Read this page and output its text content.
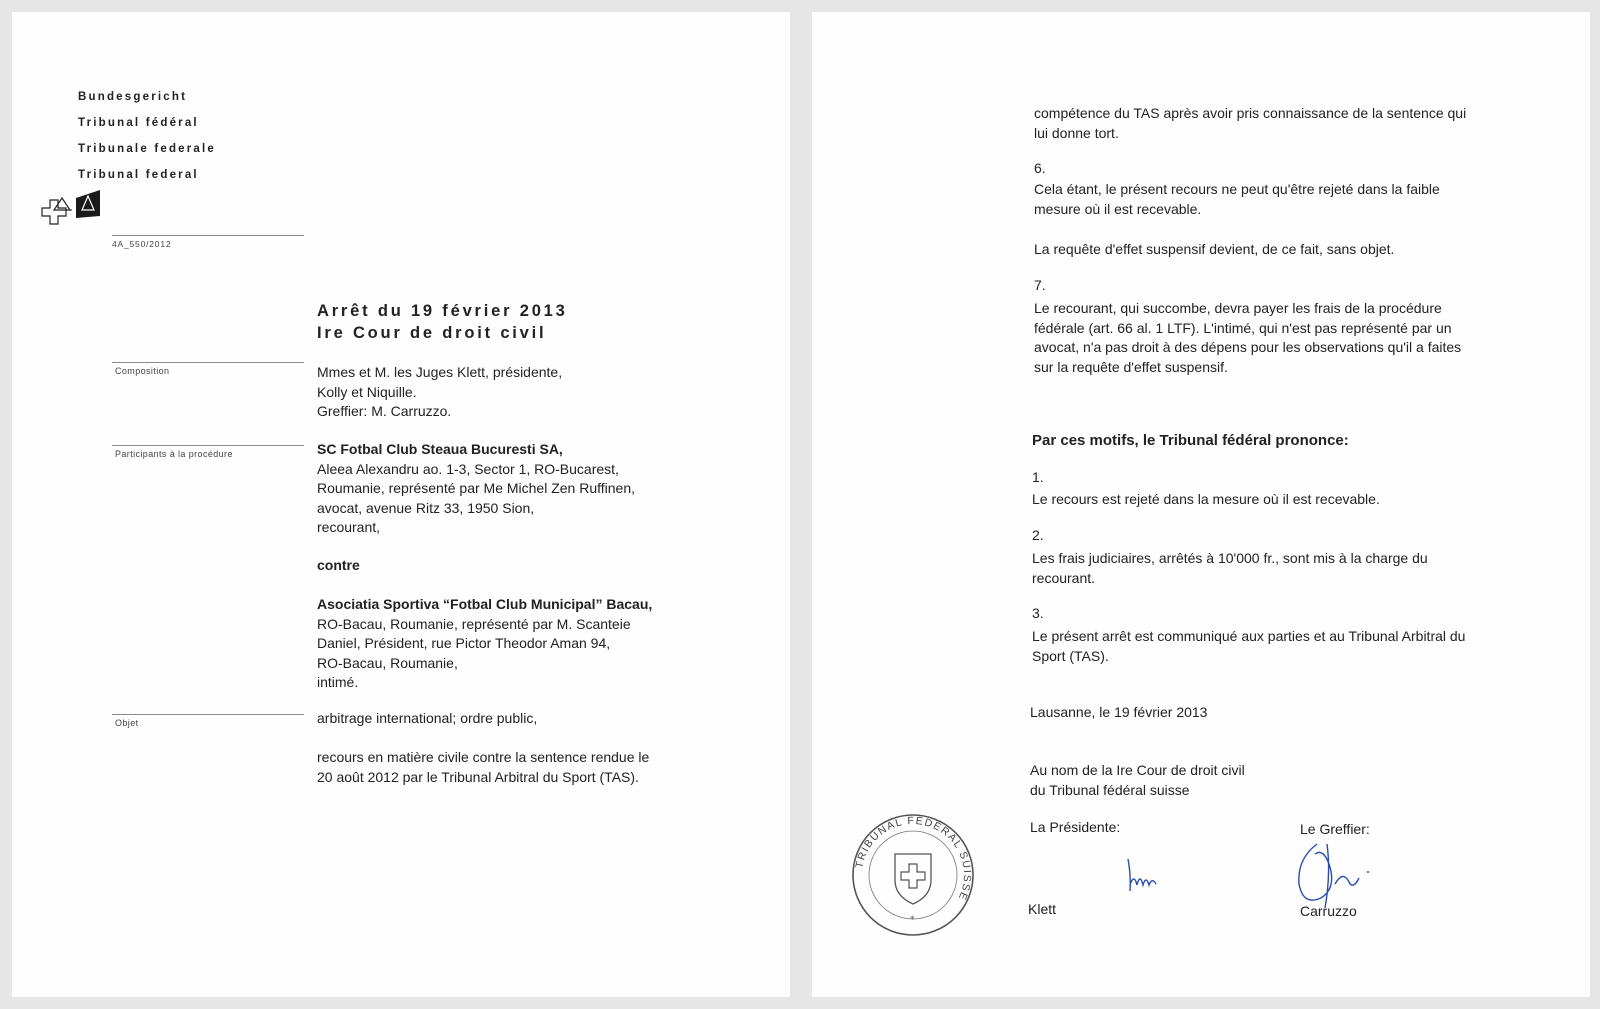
Bundesgericht
Tribunal fédéral
Tribunale federale
Tribunal federal
4A_550/2012
Arrêt du 19 février 2013
Ire Cour de droit civil
Composition	Mmes et M. les Juges Klett, présidente,
Kolly et Niquille.
Greffier: M. Carruzzo.
Participants à la procédure	SC Fotbal Club Steaua Bucuresti SA,
Aleea Alexandru ao. 1-3, Sector 1, RO-Bucarest,
Roumanie, représenté par Me Michel Zen Ruffinen,
avocat, avenue Ritz 33, 1950 Sion,
recourant,
contre
Asociatia Sportiva “Fotbal Club Municipal” Bacau,
RO-Bacau, Roumanie, représenté par M. Scanteie
Daniel, Président, rue Pictor Theodor Aman 94,
RO-Bacau, Roumanie,
intimé.
Objet	arbitrage international; ordre public,
recours en matière civile contre la sentence rendue le
20 août 2012 par le Tribunal Arbitral du Sport (TAS).
compétence du TAS après avoir pris connaissance de la sentence qui
lui donne tort.
6.
Cela étant, le présent recours ne peut qu'être rejeté dans la faible
mesure où il est recevable.
La requête d'effet suspensif devient, de ce fait, sans objet.
7.
Le recourant, qui succombe, devra payer les frais de la procédure
fédérale (art. 66 al. 1 LTF). L'intimé, qui n'est pas représenté par un
avocat, n'a pas droit à des dépens pour les observations qu'il a faites
sur la requête d'effet suspensif.
Par ces motifs, le Tribunal fédéral prononce:
1.
Le recours est rejeté dans la mesure où il est recevable.
2.
Les frais judiciaires, arrêtés à 10'000 fr., sont mis à la charge du
recourant.
3.
Le présent arrêt est communiqué aux parties et au Tribunal Arbitral du
Sport (TAS).
Lausanne, le 19 février 2013
Au nom de la Ire Cour de droit civil
du Tribunal fédéral suisse
La Présidente:	Le Greffier:
TRIBUNAL FÉDÉRAL SUISSE
*
Klett	Carruzzo
